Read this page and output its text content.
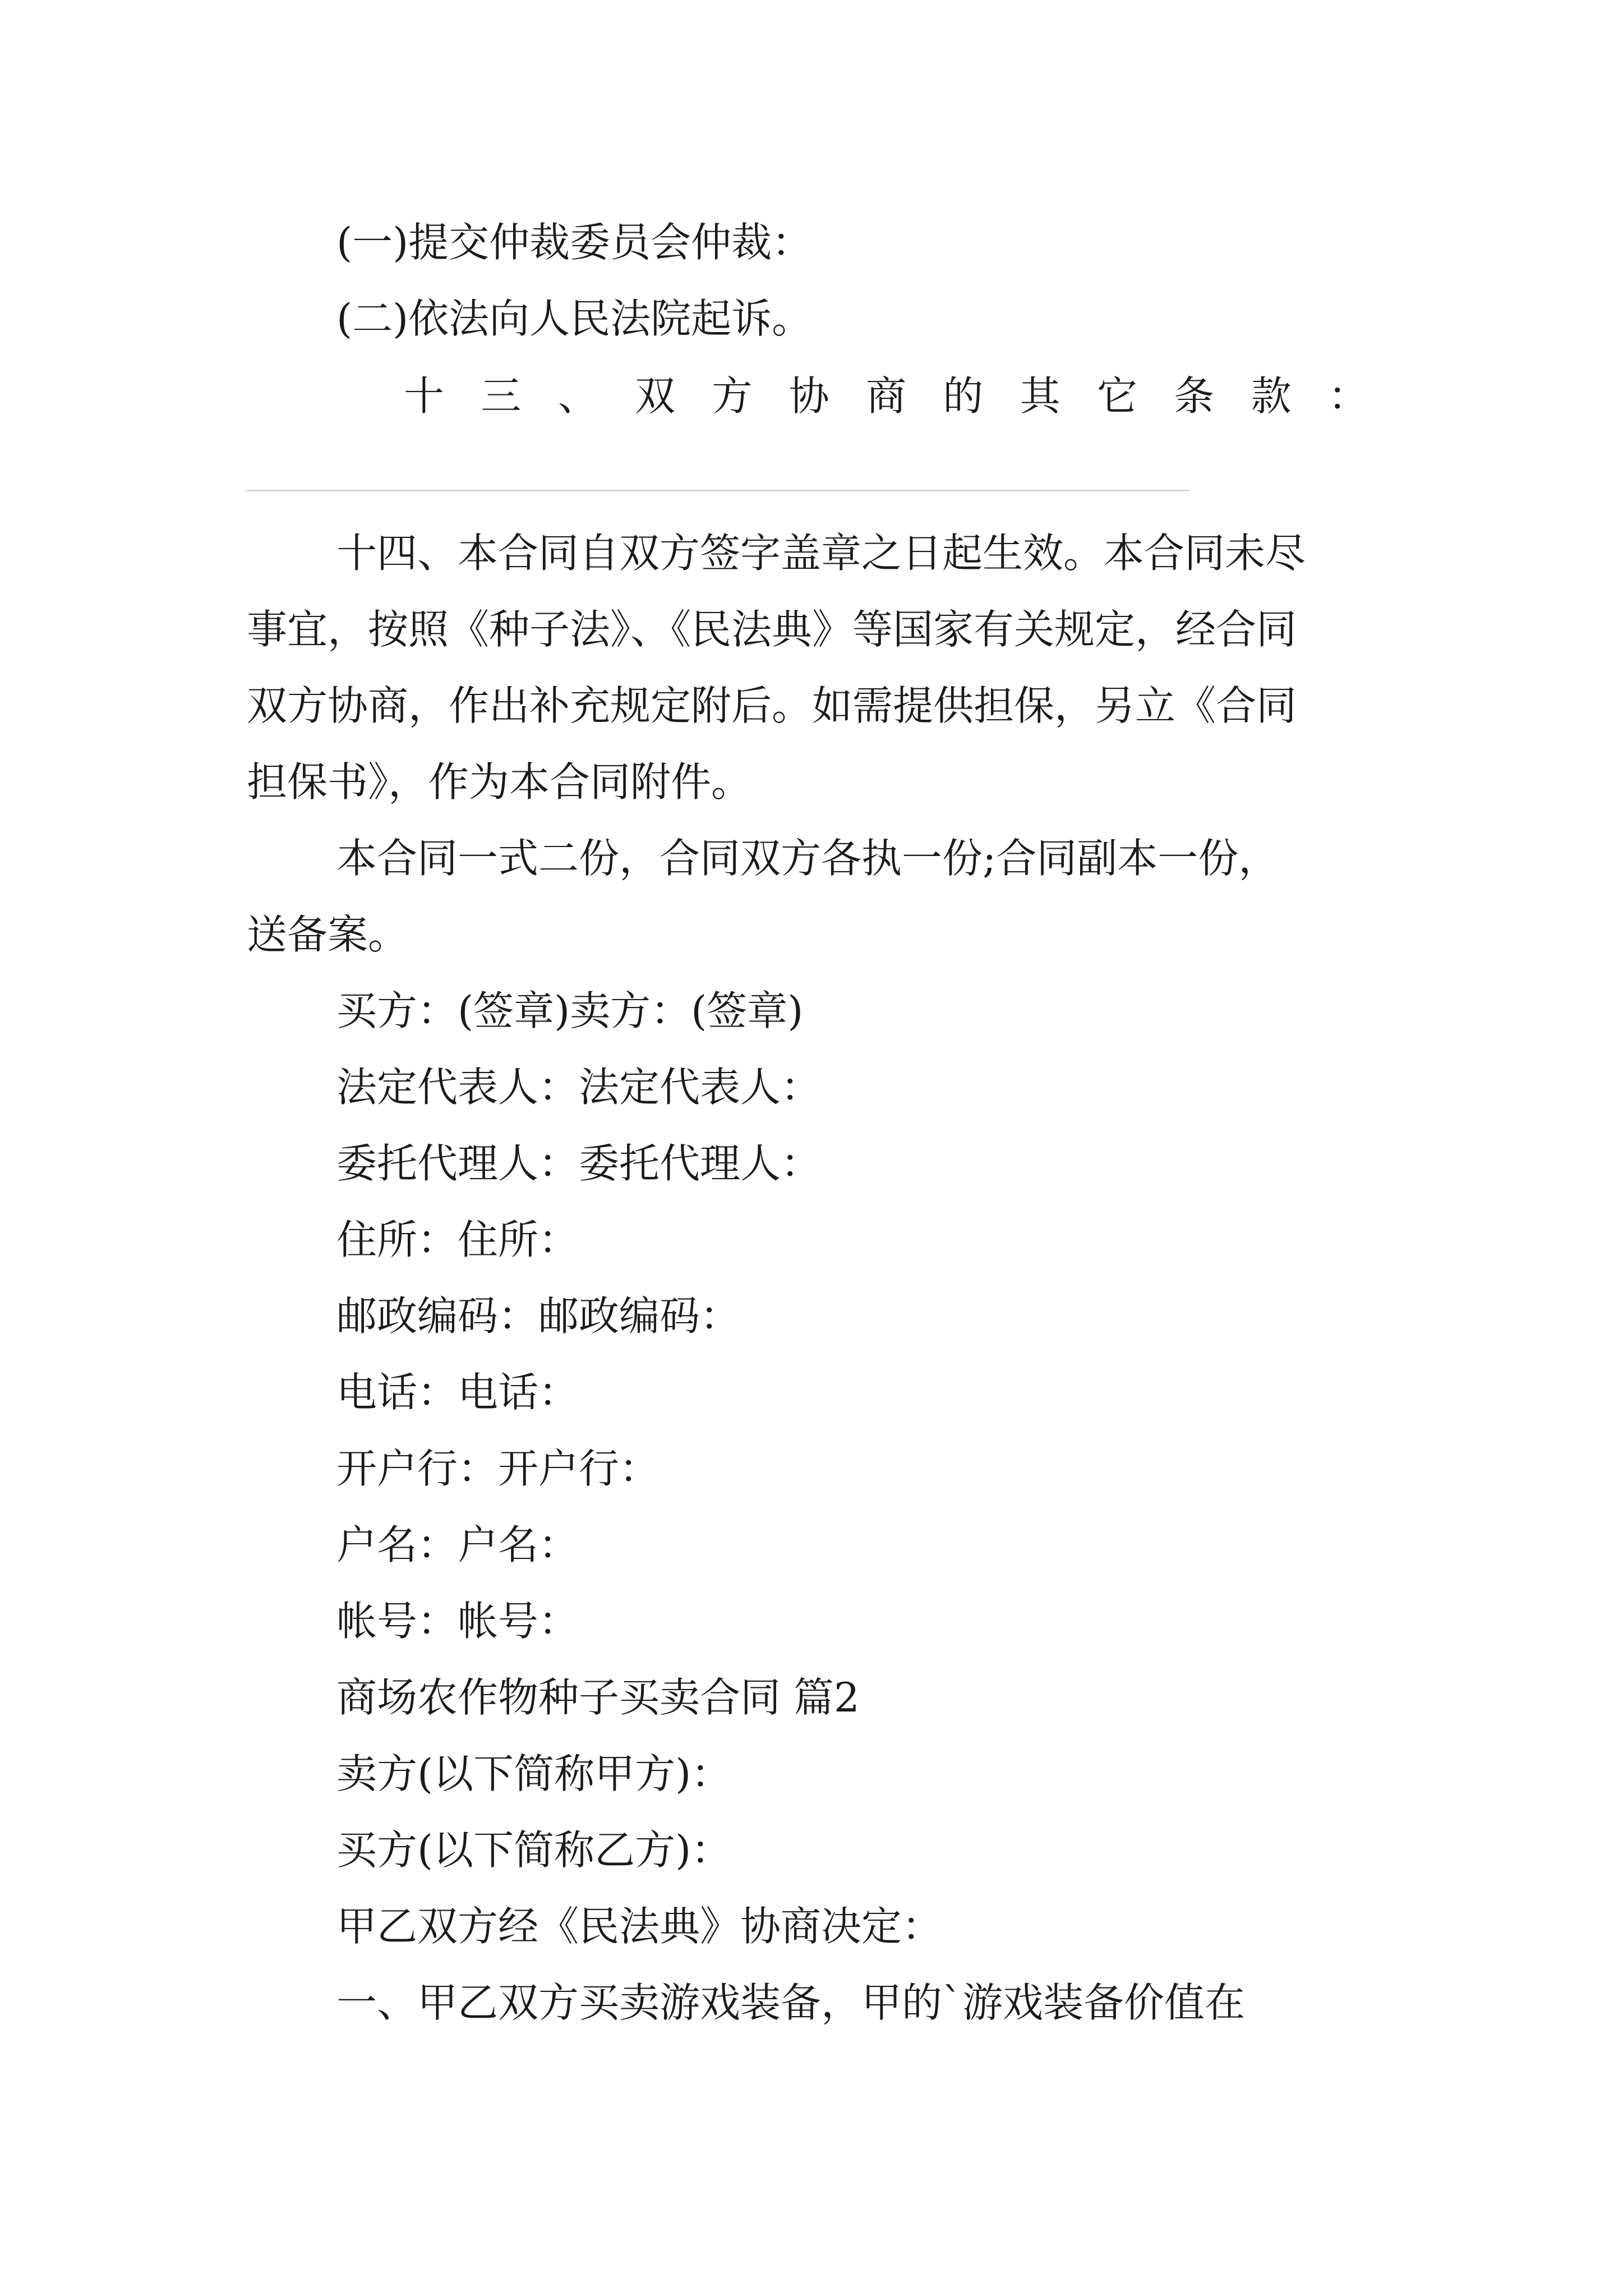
(一)提交仲裁委员会仲裁：
(二)依法向人民法院起诉。
十 三 、 双 方 协 商 的 其 它 条 款 ：
十四、本合同自双方签字盖章之日起生效。本合同未尽
事宜，按照《种子法》、《民法典》等国家有关规定，经合同
双方协商，作出补充规定附后。如需提供担保，另立《合同
担保书》，作为本合同附件。
本合同一式二份，合同双方各执一份;合同副本一份，
送备案。
买方：(签章)卖方：(签章)
法定代表人：法定代表人：
委托代理人：委托代理人：
住所：住所：
邮政编码：邮政编码：
电话：电话：
开户行：开户行：
户名：户名：
帐号：帐号：
商场农作物种子买卖合同 篇2
卖方(以下简称甲方)：
买方(以下简称乙方)：
甲乙双方经《民法典》协商决定：
一、甲乙双方买卖游戏装备，甲的`游戏装备价值在
